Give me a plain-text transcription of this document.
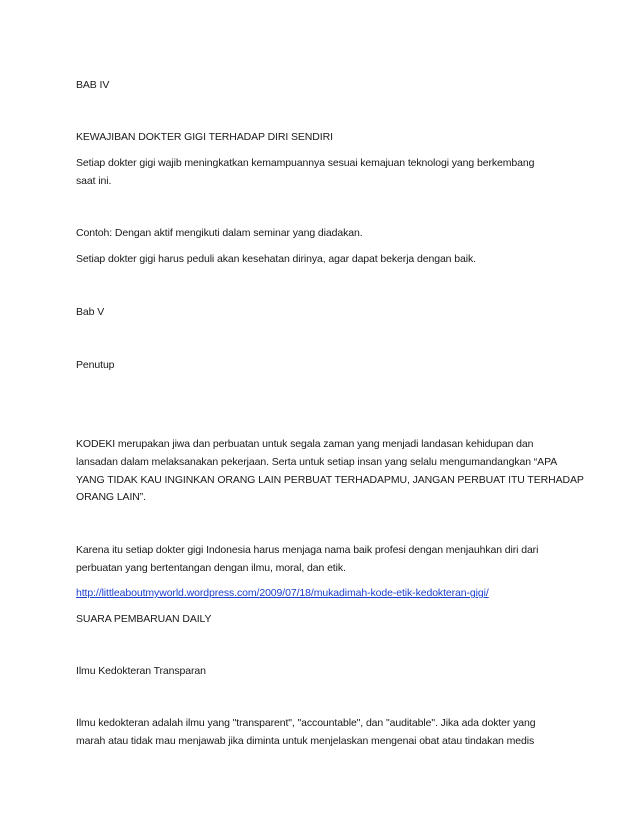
BAB IV
KEWAJIBAN DOKTER GIGI TERHADAP DIRI SENDIRI
Setiap dokter gigi wajib meningkatkan kemampuannya sesuai kemajuan teknologi yang berkembang
saat ini.
Contoh: Dengan aktif mengikuti dalam seminar yang diadakan.
Setiap dokter gigi harus peduli akan kesehatan dirinya, agar dapat bekerja dengan baik.
Bab V
Penutup
KODEKI merupakan jiwa dan perbuatan untuk segala zaman yang menjadi landasan kehidupan dan
lansadan dalam melaksanakan pekerjaan. Serta untuk setiap insan yang selalu mengumandangkan “APA
YANG TIDAK KAU INGINKAN ORANG LAIN PERBUAT TERHADAPMU, JANGAN PERBUAT ITU TERHADAP
ORANG LAIN”.
Karena itu setiap dokter gigi Indonesia harus menjaga nama baik profesi dengan menjauhkan diri dari
perbuatan yang bertentangan dengan ilmu, moral, dan etik.
http://littleaboutmyworld.wordpress.com/2009/07/18/mukadimah-kode-etik-kedokteran-gigi/
SUARA PEMBARUAN DAILY
Ilmu Kedokteran Transparan
Ilmu kedokteran adalah ilmu yang "transparent", "accountable", dan "auditable". Jika ada dokter yang
marah atau tidak mau menjawab jika diminta untuk menjelaskan mengenai obat atau tindakan medis
